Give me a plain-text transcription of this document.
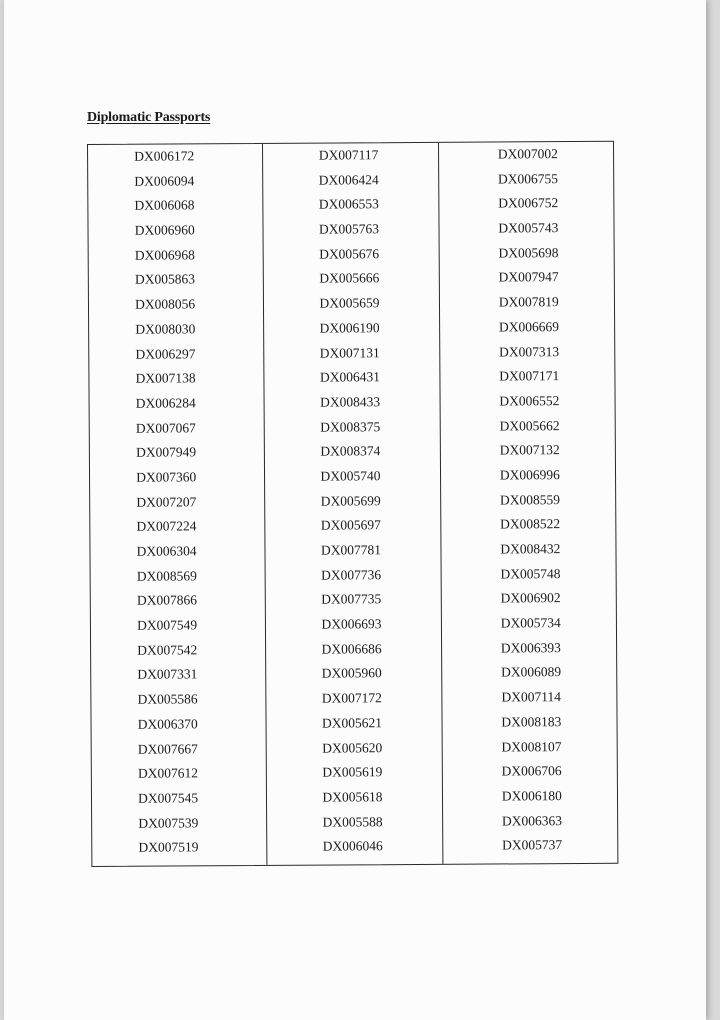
Diplomatic Passports
DX006172
DX006094
DX006068
DX006960
DX006968
DX005863
DX008056
DX008030
DX006297
DX007138
DX006284
DX007067
DX007949
DX007360
DX007207
DX007224
DX006304
DX008569
DX007866
DX007549
DX007542
DX007331
DX005586
DX006370
DX007667
DX007612
DX007545
DX007539
DX007519
DX007117
DX006424
DX006553
DX005763
DX005676
DX005666
DX005659
DX006190
DX007131
DX006431
DX008433
DX008375
DX008374
DX005740
DX005699
DX005697
DX007781
DX007736
DX007735
DX006693
DX006686
DX005960
DX007172
DX005621
DX005620
DX005619
DX005618
DX005588
DX006046
DX007002
DX006755
DX006752
DX005743
DX005698
DX007947
DX007819
DX006669
DX007313
DX007171
DX006552
DX005662
DX007132
DX006996
DX008559
DX008522
DX008432
DX005748
DX006902
DX005734
DX006393
DX006089
DX007114
DX008183
DX008107
DX006706
DX006180
DX006363
DX005737
